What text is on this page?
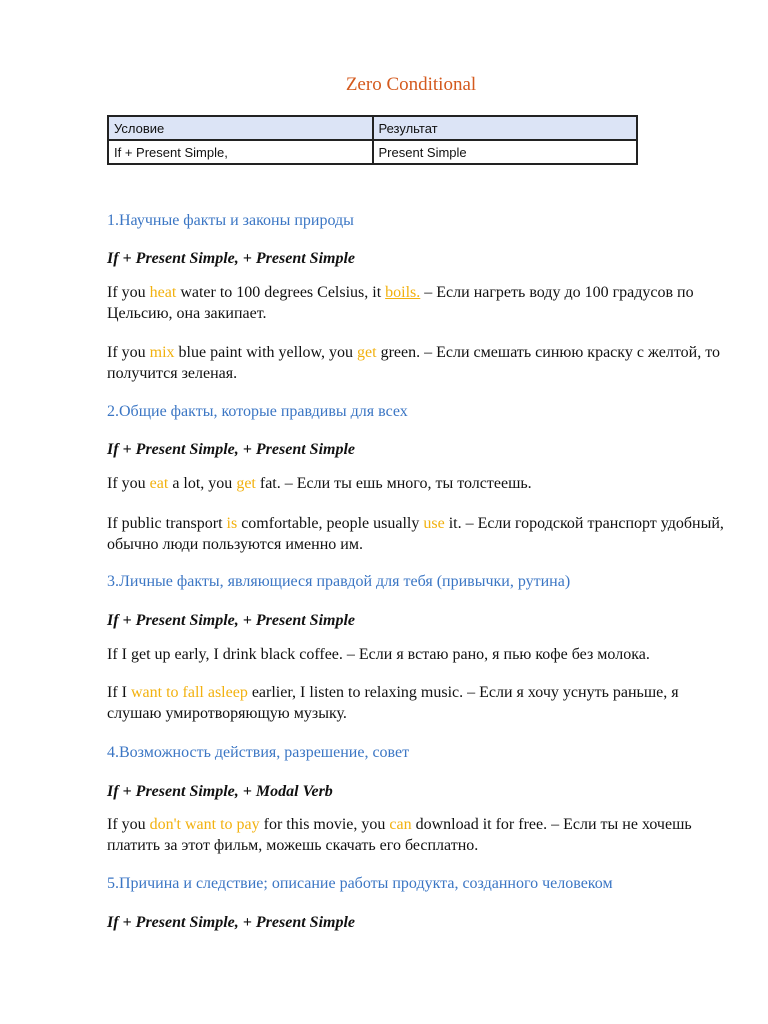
Zero Conditional
Условие	Результат
If + Present Simple,	Present Simple
1.Научные факты и законы природы
If + Present Simple, + Present Simple
If you heat water to 100 degrees Celsius, it boils. – Если нагреть воду до 100 градусов по Цельсию, она закипает.
If you mix blue paint with yellow, you get green. – Если смешать синюю краску с желтой, то получится зеленая.
2.Общие факты, которые правдивы для всех
If + Present Simple, + Present Simple
If you eat a lot, you get fat. – Если ты ешь много, ты толстеешь.
If public transport is comfortable, people usually use it. – Если городской транспорт удобный, обычно люди пользуются именно им.
3.Личные факты, являющиеся правдой для тебя (привычки, рутина)
If + Present Simple, + Present Simple
If I get up early, I drink black coffee. – Если я встаю рано, я пью кофе без молока.
If I want to fall asleep earlier, I listen to relaxing music. – Если я хочу уснуть раньше, я слушаю умиротворяющую музыку.
4.Возможность действия, разрешение, совет
If + Present Simple, + Modal Verb
If you don't want to pay for this movie, you can download it for free. – Если ты не хочешь платить за этот фильм, можешь скачать его бесплатно.
5.Причина и следствие; описание работы продукта, созданного человеком
If + Present Simple, + Present Simple
